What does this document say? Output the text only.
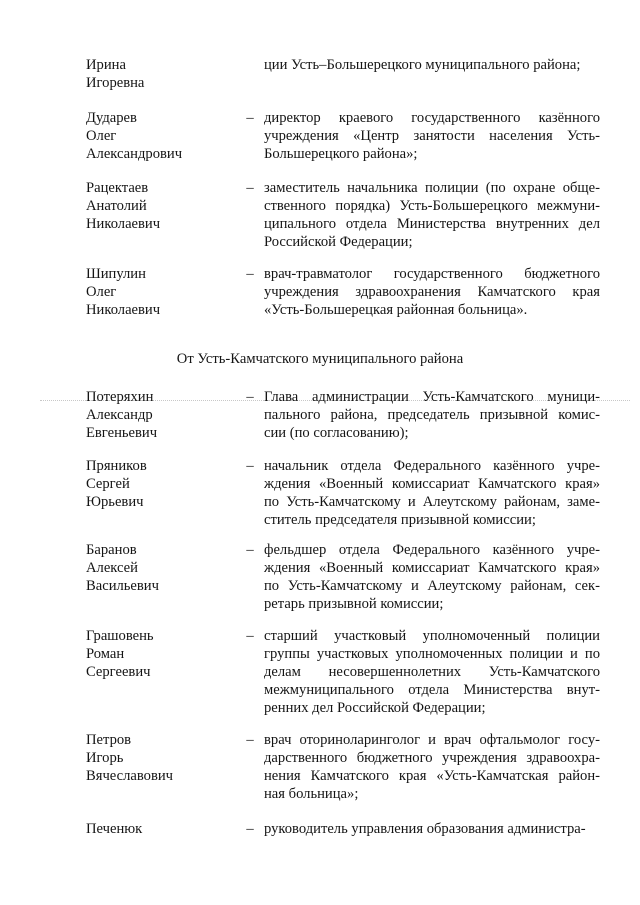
Ирина
Игоревна
ции Усть–Большерецкого муниципального района;
Дударев
Олег
Александрович
– директор краевого государственного казённого
учреждения «Центр занятости населения Усть-
Большерецкого района»;
Рацектаев
Анатолий
Николаевич
– заместитель начальника полиции (по охране обще-
ственного порядка) Усть-Большерецкого межмуни-
ципального отдела Министерства внутренних дел
Российской Федерации;
Шипулин
Олег
Николаевич
– врач-травматолог государственного бюджетного
учреждения здравоохранения Камчатского края
«Усть-Большерецкая районная больница».
От Усть-Камчатского муниципального района
Потеряхин
Александр
Евгеньевич
– Глава администрации Усть-Камчатского муници-
пального района, председатель призывной комис-
сии (по согласованию);
Пряников
Сергей
Юрьевич
– начальник отдела Федерального казённого учре-
ждения «Военный комиссариат Камчатского края»
по Усть-Камчатскому и Алеутскому районам, заме-
ститель председателя призывной комиссии;
Баранов
Алексей
Васильевич
– фельдшер отдела Федерального казённого учре-
ждения «Военный комиссариат Камчатского края»
по Усть-Камчатскому и Алеутскому районам, сек-
ретарь призывной комиссии;
Грашовень
Роман
Сергеевич
– старший участковый уполномоченный полиции
группы участковых уполномоченных полиции и по
делам несовершеннолетних Усть-Камчатского
межмуниципального отдела Министерства внут-
ренних дел Российской Федерации;
Петров
Игорь
Вячеславович
– врач оториноларинголог и врач офтальмолог госу-
дарственного бюджетного учреждения здравоохра-
нения Камчатского края «Усть-Камчатская район-
ная больница»;
Печенюк	– руководитель управления образования администра-
